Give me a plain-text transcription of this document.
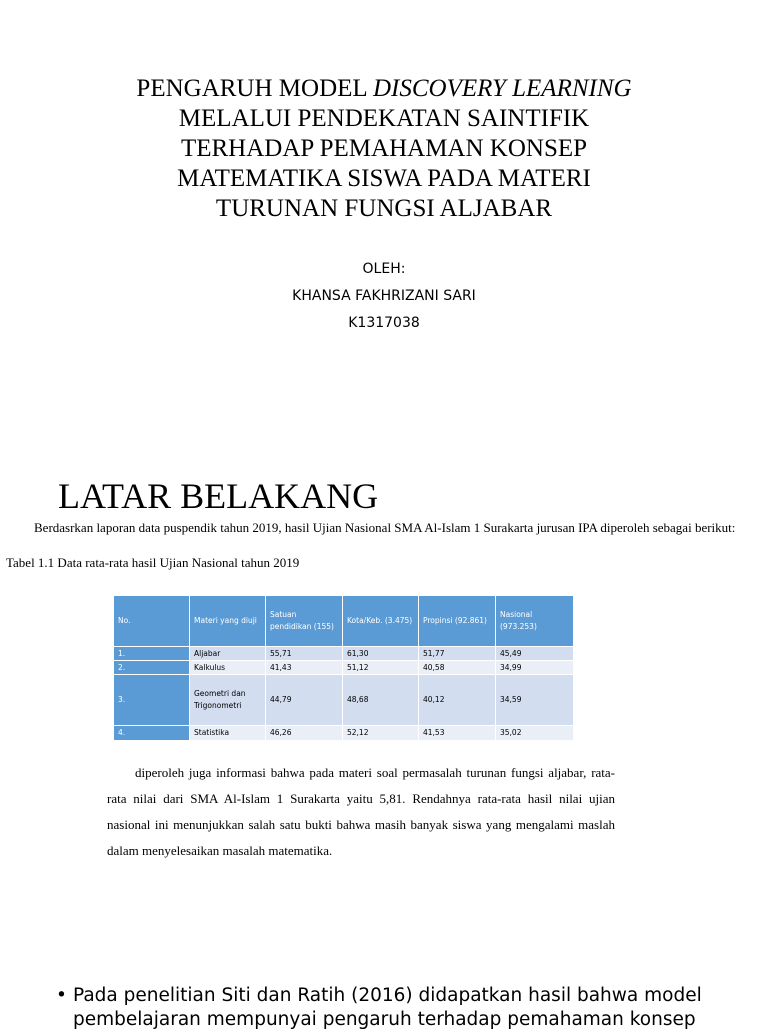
PENGARUH MODEL DISCOVERY LEARNING
MELALUI PENDEKATAN SAINTIFIK
TERHADAP PEMAHAMAN KONSEP
MATEMATIKA SISWA PADA MATERI
TURUNAN FUNGSI ALJABAR
OLEH:
KHANSA FAKHRIZANI SARI
K1317038
LATAR BELAKANG

Berdasrkan laporan data puspendik tahun 2019, hasil Ujian Nasional SMA Al-Islam 1 Surakarta jurusan IPA diperoleh sebagai berikut:

Tabel 1.1 Data rata-rata hasil Ujian Nasional tahun 2019

No.	Materi yang diuji	Satuan pendidikan (155)	Kota/Keb. (3.475)	Propinsi (92.861)	Nasional (973.253)
1.	Aljabar	55,71	61,30	51,77	45,49
2.	Kalkulus	41,43	51,12	40,58	34,99
3.	Geometri dan Trigonometri	44,79	48,68	40,12	34,59
4.	Statistika	46,26	52,12	41,53	35,02

diperoleh juga informasi bahwa pada materi soal permasalah turunan fungsi aljabar, rata-rata nilai dari SMA Al-Islam 1 Surakarta yaitu 5,81. Rendahnya rata-rata hasil nilai ujian nasional ini menunjukkan salah satu bukti bahwa masih banyak siswa yang mengalami maslah dalam menyelesaikan masalah matematika.

• Pada penelitian Siti dan Ratih (2016) didapatkan hasil bahwa model pembelajaran mempunyai pengaruh terhadap pemahaman konsep
